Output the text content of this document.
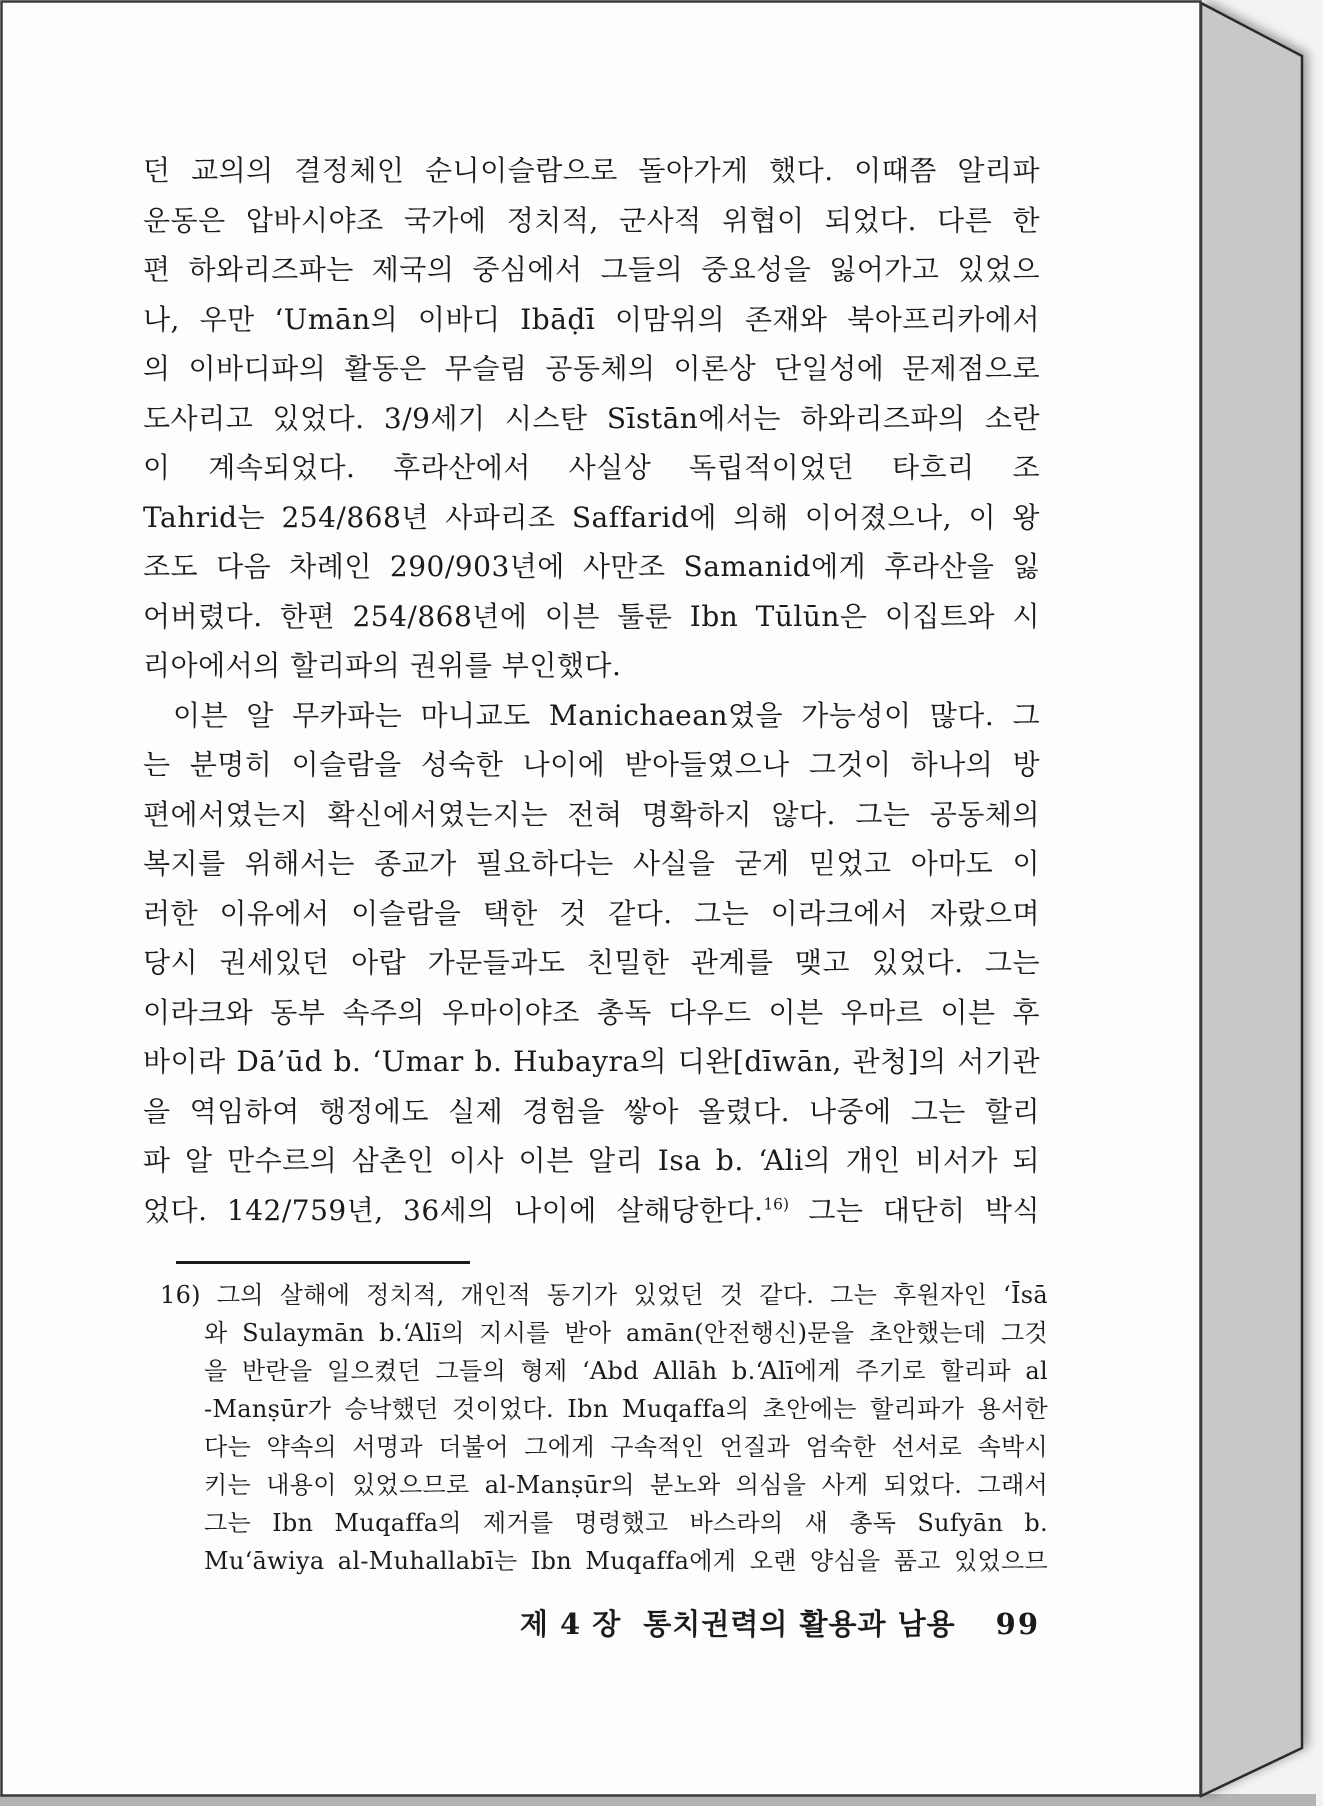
던 교의의 결정체인 순니이슬람으로 돌아가게 했다. 이때쯤 알리파
운동은 압바시야조 국가에 정치적, 군사적 위협이 되었다. 다른 한
편 하와리즈파는 제국의 중심에서 그들의 중요성을 잃어가고 있었으
나, 우만 ‘Umān의 이바디 Ibāḍī 이맘위의 존재와 북아프리카에서
의 이바디파의 활동은 무슬림 공동체의 이론상 단일성에 문제점으로
도사리고 있었다. 3/9세기 시스탄 Sīstān에서는 하와리즈파의 소란
이 계속되었다. 후라산에서 사실상 독립적이었던 타흐리 조
Tahrid는 254/868년 사파리조 Saffarid에 의해 이어졌으나, 이 왕
조도 다음 차례인 290/903년에 사만조 Samanid에게 후라산을 잃
어버렸다. 한편 254/868년에 이븐 툴룬 Ibn Tūlūn은 이집트와 시
리아에서의 할리파의 권위를 부인했다.
이븐 알 무카파는 마니교도 Manichaean였을 가능성이 많다. 그
는 분명히 이슬람을 성숙한 나이에 받아들였으나 그것이 하나의 방
편에서였는지 확신에서였는지는 전혀 명확하지 않다. 그는 공동체의
복지를 위해서는 종교가 필요하다는 사실을 굳게 믿었고 아마도 이
러한 이유에서 이슬람을 택한 것 같다. 그는 이라크에서 자랐으며
당시 권세있던 아랍 가문들과도 친밀한 관계를 맺고 있었다. 그는
이라크와 동부 속주의 우마이야조 총독 다우드 이븐 우마르 이븐 후
바이라 Dā’ūd b. ‘Umar b. Hubayra의 디완[dīwān, 관청]의 서기관
을 역임하여 행정에도 실제 경험을 쌓아 올렸다. 나중에 그는 할리
파 알 만수르의 삼촌인 이사 이븐 알리 Isa b. ‘Ali의 개인 비서가 되
었다. 142/759년, 36세의 나이에 살해당한다.$^{16)}$ 그는 대단히 박식
16) 그의 살해에 정치적, 개인적 동기가 있었던 것 같다. 그는 후원자인 ‘Īsā
와 Sulaymān b.‘Alī의 지시를 받아 amān(안전행신)문을 초안했는데 그것
을 반란을 일으켰던 그들의 형제 ‘Abd Allāh b.‘Alī에게 주기로 할리파 al
-Manṣūr가 승낙했던 것이었다. Ibn Muqaffa의 초안에는 할리파가 용서한
다는 약속의 서명과 더불어 그에게 구속적인 언질과 엄숙한 선서로 속박시
키는 내용이 있었으므로 al-Manṣūr의 분노와 의심을 사게 되었다. 그래서
그는 Ibn Muqaffa의 제거를 명령했고 바스라의 새 총독 Sufyān b.
Mu‘āwiya al-Muhallabī는 Ibn Muqaffa에게 오랜 양심을 품고 있었으므
제 4 장 통치권력의 활용과 남용 99
